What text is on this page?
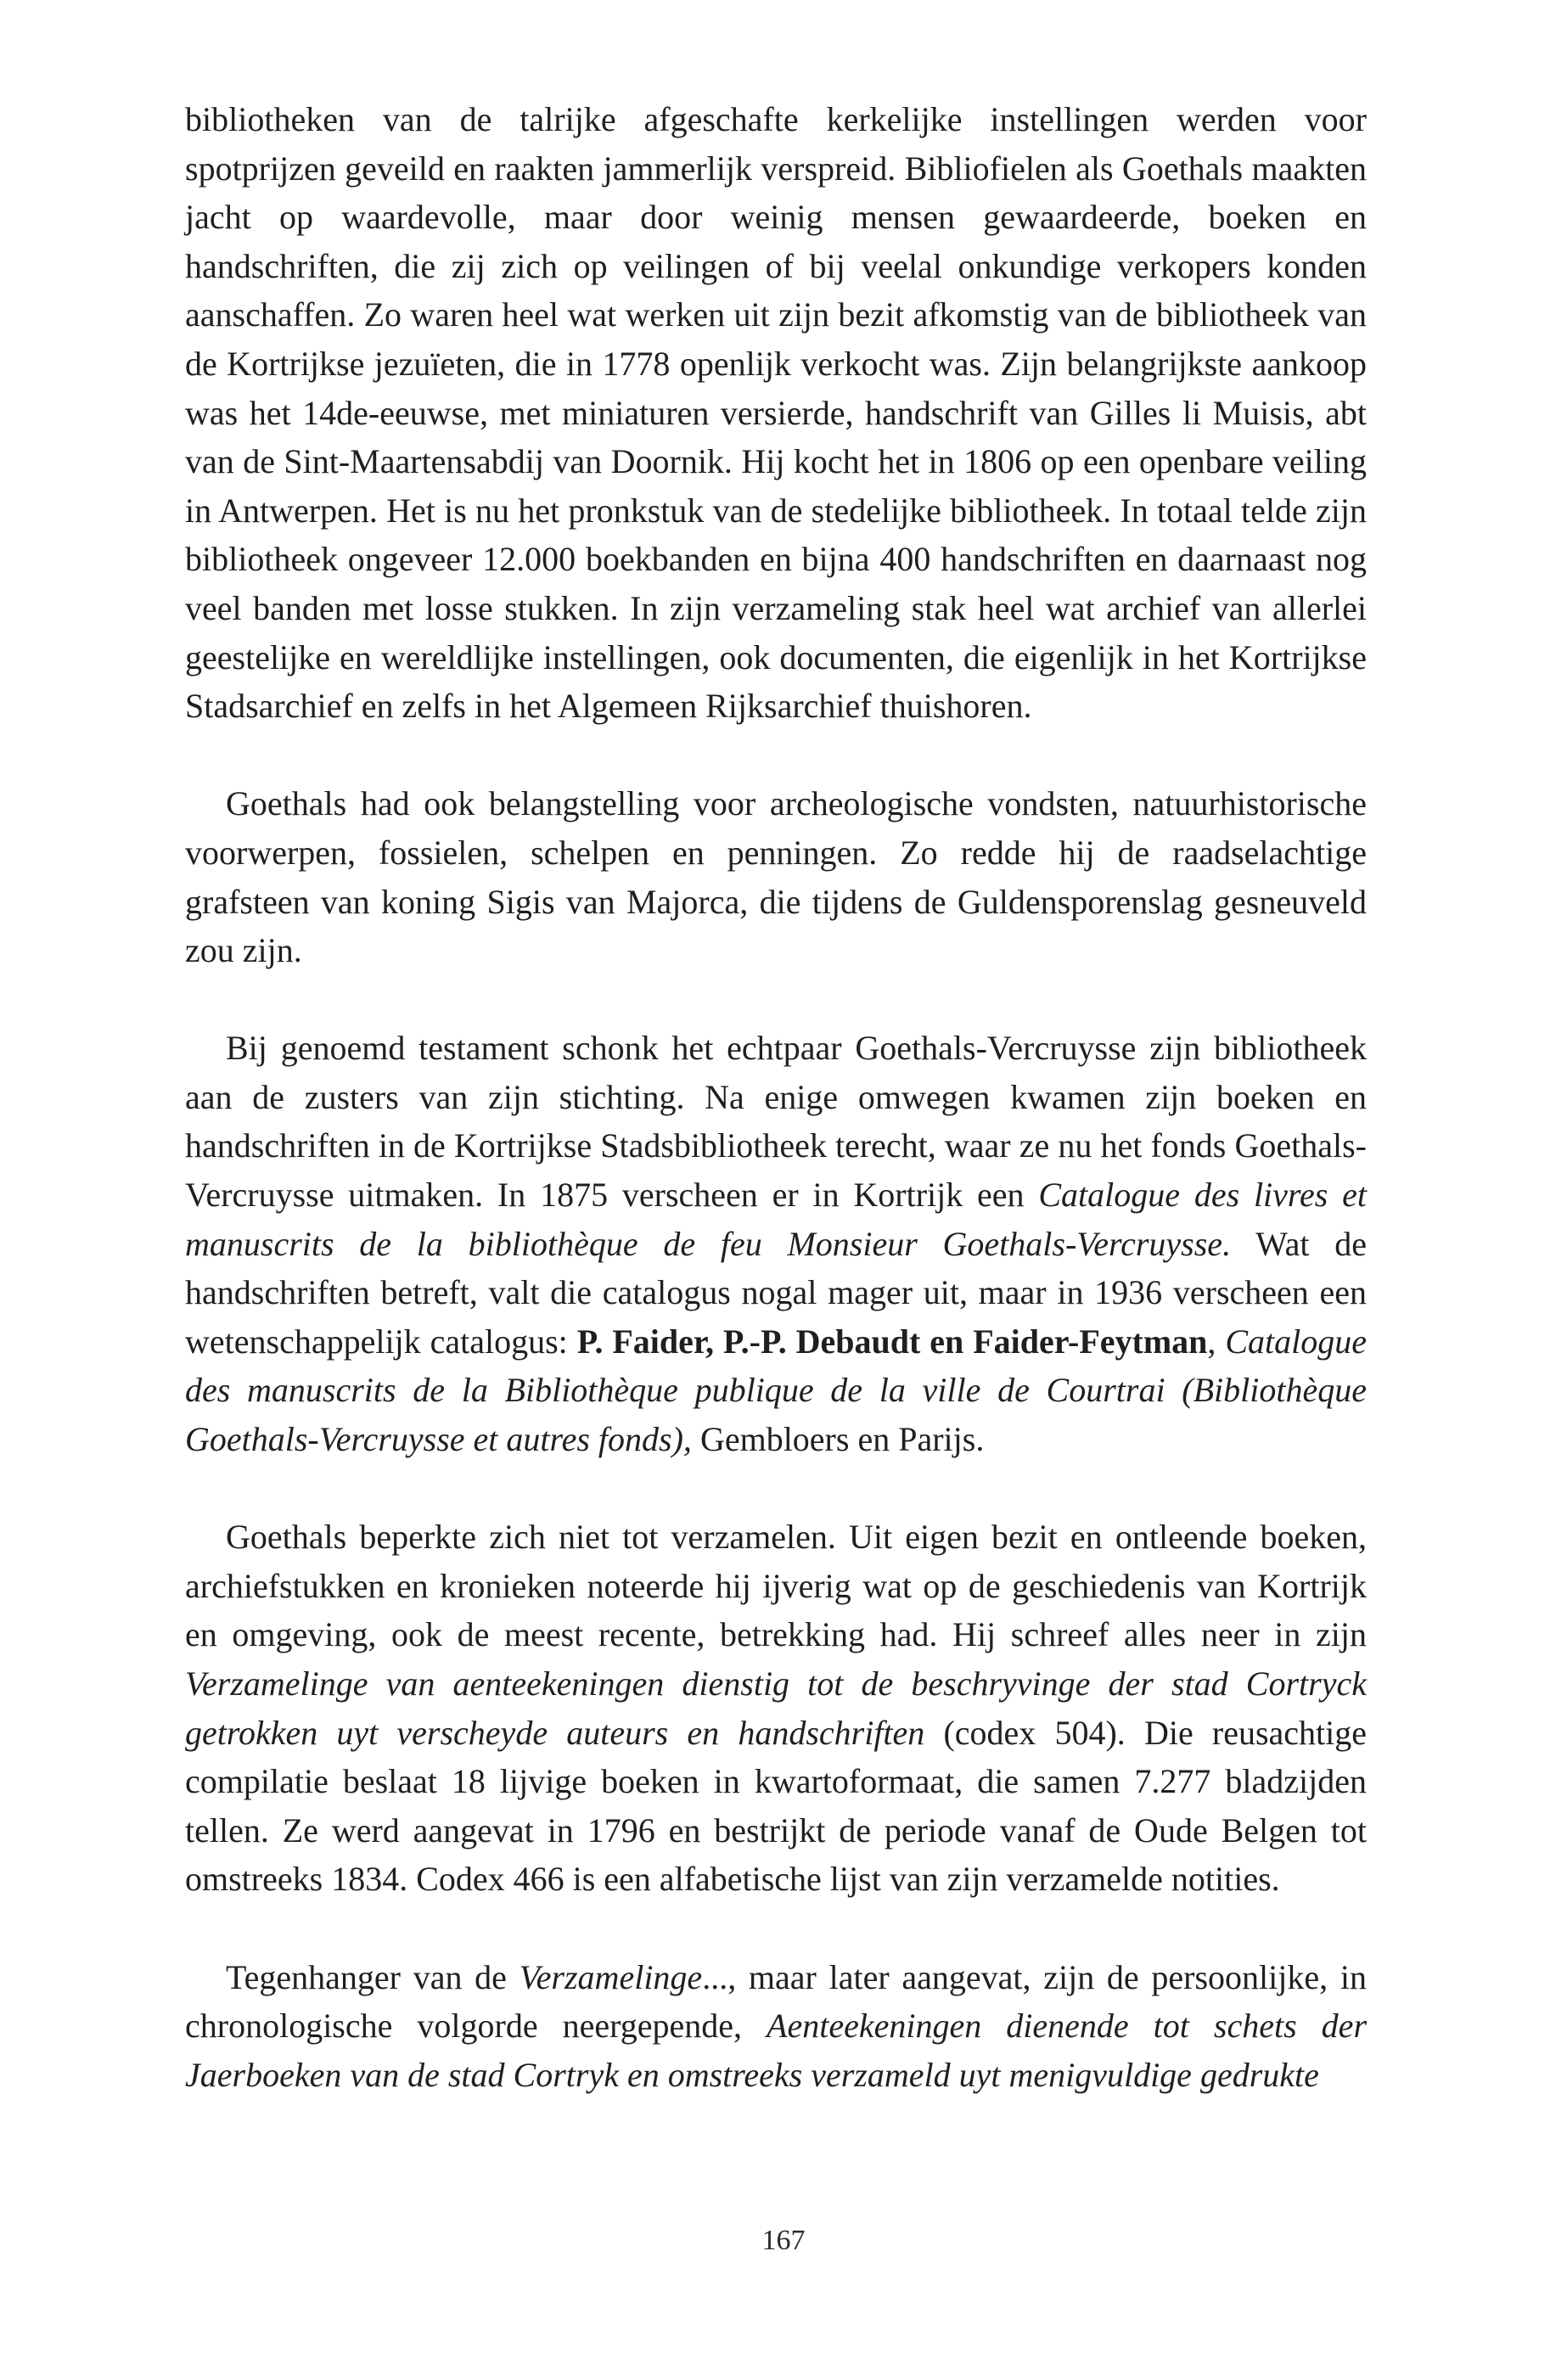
bibliotheken van de talrijke afgeschafte kerkelijke instellingen werden voor spotprijzen geveild en raakten jammerlijk verspreid. Bibliofielen als Goethals maakten jacht op waardevolle, maar door weinig mensen gewaardeerde, boeken en handschriften, die zij zich op veilingen of bij veelal onkundige verkopers konden aanschaffen. Zo waren heel wat werken uit zijn bezit afkomstig van de bibliotheek van de Kortrijkse jezuïeten, die in 1778 openlijk verkocht was. Zijn belangrijkste aankoop was het 14de-eeuwse, met miniaturen versierde, handschrift van Gilles li Muisis, abt van de Sint-Maartensabdij van Doornik. Hij kocht het in 1806 op een openbare veiling in Antwerpen. Het is nu het pronkstuk van de stedelijke bibliotheek. In totaal telde zijn bibliotheek ongeveer 12.000 boekbanden en bijna 400 handschriften en daarnaast nog veel banden met losse stukken. In zijn verzameling stak heel wat archief van allerlei geestelijke en wereldlijke instellingen, ook documenten, die eigenlijk in het Kortrijkse Stadsarchief en zelfs in het Algemeen Rijksarchief thuishoren.

Goethals had ook belangstelling voor archeologische vondsten, natuurhistorische voorwerpen, fossielen, schelpen en penningen. Zo redde hij de raadselachtige grafsteen van koning Sigis van Majorca, die tijdens de Guldensporenslag gesneuveld zou zijn.

Bij genoemd testament schonk het echtpaar Goethals-Vercruysse zijn bibliotheek aan de zusters van zijn stichting. Na enige omwegen kwamen zijn boeken en handschriften in de Kortrijkse Stadsbibliotheek terecht, waar ze nu het fonds Goethals-Vercruysse uitmaken. In 1875 verscheen er in Kortrijk een Catalogue des livres et manuscrits de la bibliothèque de feu Monsieur Goethals-Vercruysse. Wat de handschriften betreft, valt die catalogus nogal mager uit, maar in 1936 verscheen een wetenschappelijk catalogus: P. Faider, P.-P. Debaudt en Faider-Feytman, Catalogue des manuscrits de la Bibliothèque publique de la ville de Courtrai (Bibliothèque Goethals-Vercruysse et autres fonds), Gembloers en Parijs.

Goethals beperkte zich niet tot verzamelen. Uit eigen bezit en ontleende boeken, archiefstukken en kronieken noteerde hij ijverig wat op de geschiedenis van Kortrijk en omgeving, ook de meest recente, betrekking had. Hij schreef alles neer in zijn Verzamelinge van aenteekeningen dienstig tot de beschryvinge der stad Cortryck getrokken uyt verscheyde auteurs en handschriften (codex 504). Die reusachtige compilatie beslaat 18 lijvige boeken in kwartoformaat, die samen 7.277 bladzijden tellen. Ze werd aangevat in 1796 en bestrijkt de periode vanaf de Oude Belgen tot omstreeks 1834. Codex 466 is een alfabetische lijst van zijn verzamelde notities.

Tegenhanger van de Verzamelinge..., maar later aangevat, zijn de persoonlijke, in chronologische volgorde neergepende, Aenteekeningen dienende tot schets der Jaerboeken van de stad Cortryk en omstreeks verzameld uyt menigvuldige gedrukte

167
